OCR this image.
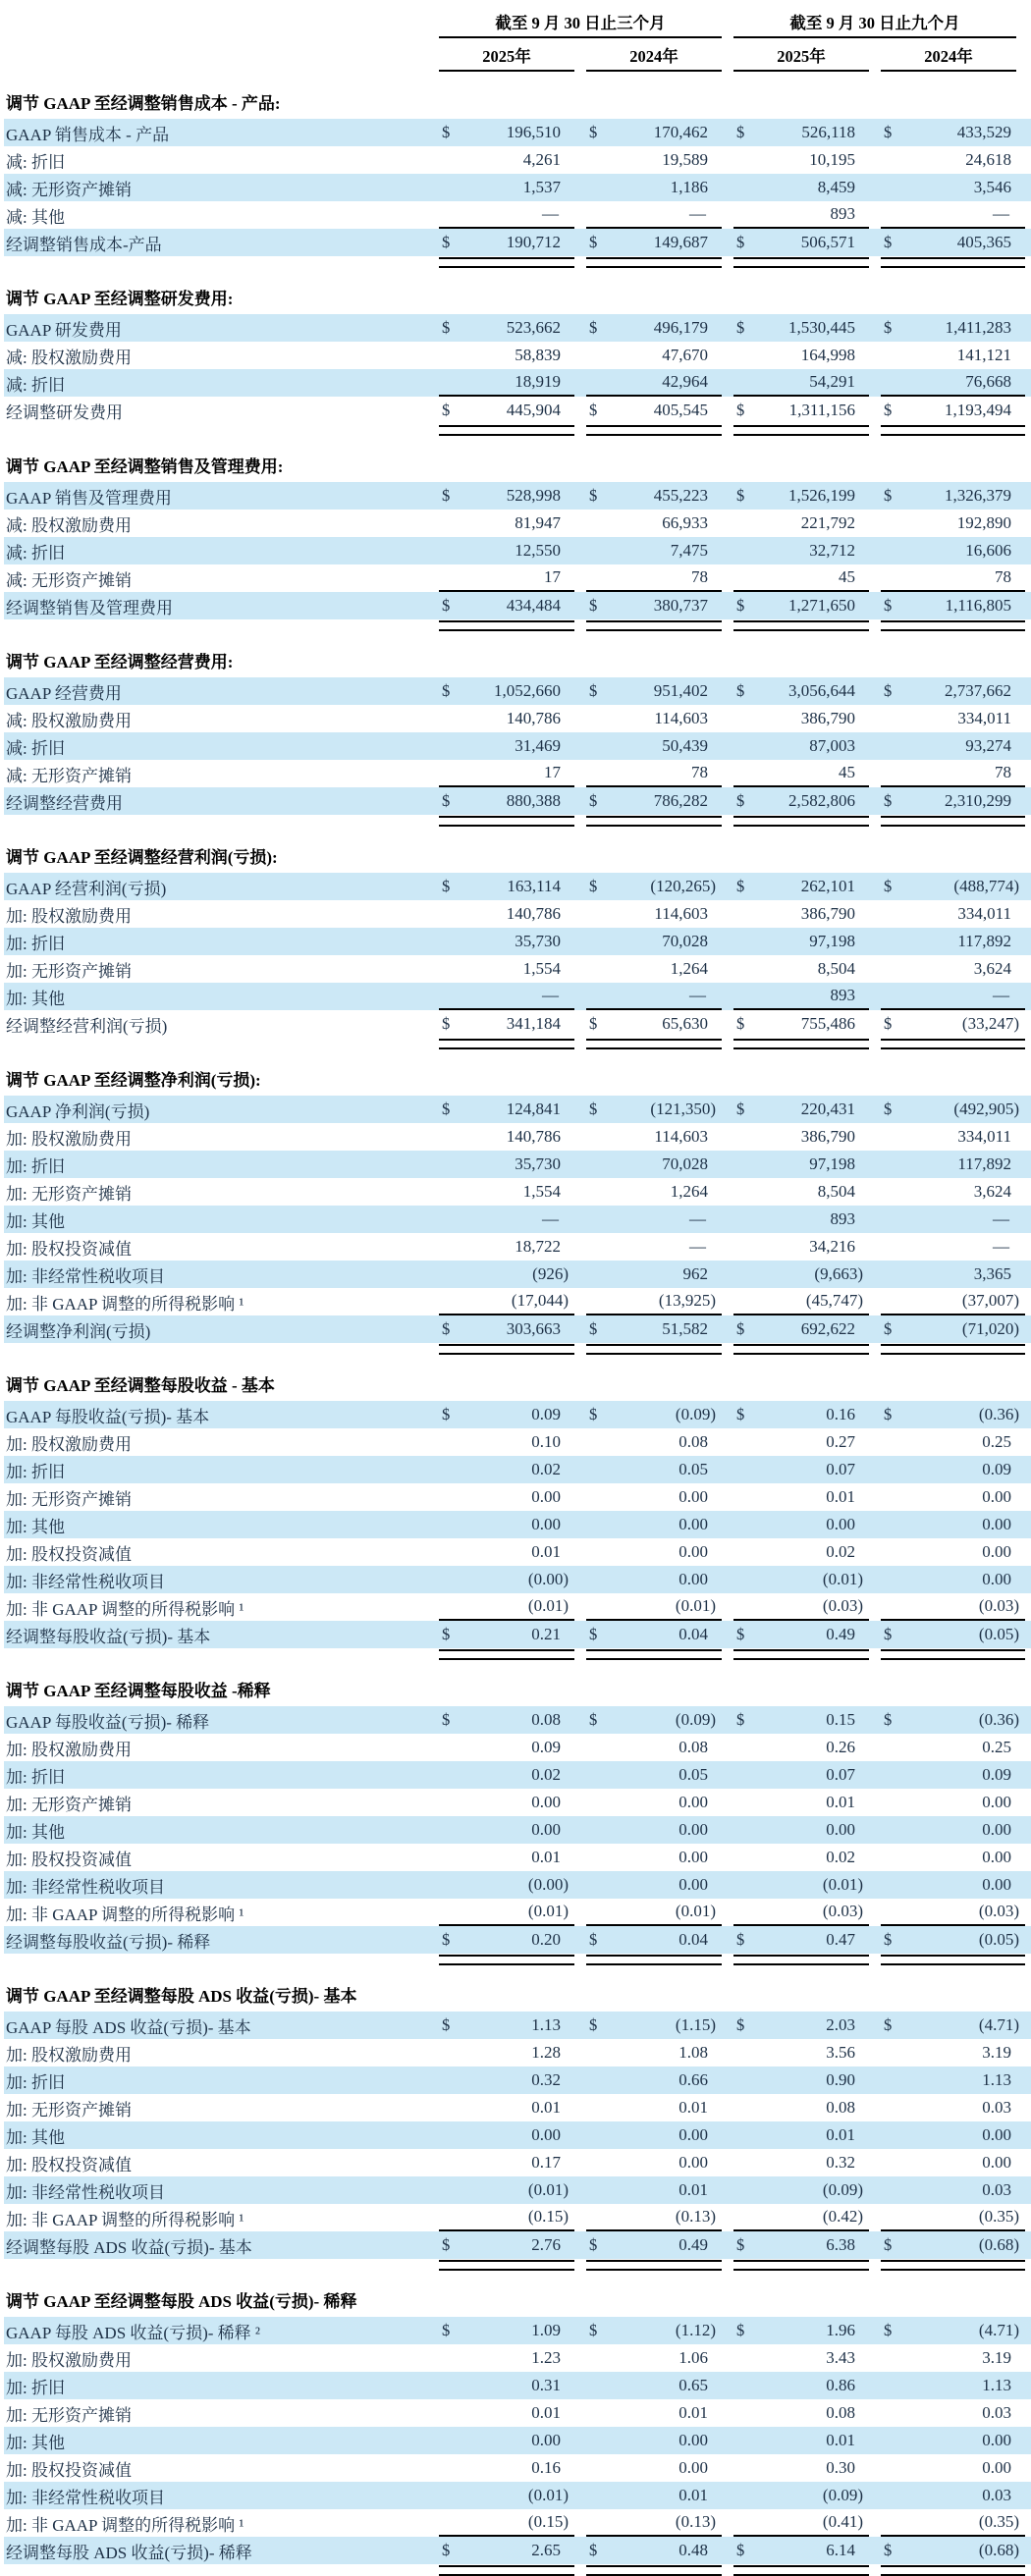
截至 9 月 30 日止三个月	截至 9 月 30 日止九个月
2025年	2024年	2025年	2024年
调节 GAAP 至经调整销售成本 - 产品:
GAAP 销售成本 - 产品	$	196,510	$	170,462	$	526,118	$	433,529
减: 折旧	4,261	19,589	10,195	24,618
减: 无形资产摊销	1,537	1,186	8,459	3,546
减: 其他	—	—	893	—
经调整销售成本-产品	$	190,712	$	149,687	$	506,571	$	405,365
调节 GAAP 至经调整研发费用:
GAAP 研发费用	$	523,662	$	496,179	$	1,530,445	$	1,411,283
减: 股权激励费用	58,839	47,670	164,998	141,121
减: 折旧	18,919	42,964	54,291	76,668
经调整研发费用	$	445,904	$	405,545	$	1,311,156	$	1,193,494
调节 GAAP 至经调整销售及管理费用:
GAAP 销售及管理费用	$	528,998	$	455,223	$	1,526,199	$	1,326,379
减: 股权激励费用	81,947	66,933	221,792	192,890
减: 折旧	12,550	7,475	32,712	16,606
减: 无形资产摊销	17	78	45	78
经调整销售及管理费用	$	434,484	$	380,737	$	1,271,650	$	1,116,805
调节 GAAP 至经调整经营费用:
GAAP 经营费用	$	1,052,660	$	951,402	$	3,056,644	$	2,737,662
减: 股权激励费用	140,786	114,603	386,790	334,011
减: 折旧	31,469	50,439	87,003	93,274
减: 无形资产摊销	17	78	45	78
经调整经营费用	$	880,388	$	786,282	$	2,582,806	$	2,310,299
调节 GAAP 至经调整经营利润(亏损):
GAAP 经营利润(亏损)	$	163,114	$	(120,265)	$	262,101	$	(488,774)
加: 股权激励费用	140,786	114,603	386,790	334,011
加: 折旧	35,730	70,028	97,198	117,892
加: 无形资产摊销	1,554	1,264	8,504	3,624
加: 其他	—	—	893	—
经调整经营利润(亏损)	$	341,184	$	65,630	$	755,486	$	(33,247)
调节 GAAP 至经调整净利润(亏损):
GAAP 净利润(亏损)	$	124,841	$	(121,350)	$	220,431	$	(492,905)
加: 股权激励费用	140,786	114,603	386,790	334,011
加: 折旧	35,730	70,028	97,198	117,892
加: 无形资产摊销	1,554	1,264	8,504	3,624
加: 其他	—	—	893	—
加: 股权投资减值	18,722	—	34,216	—
加: 非经常性税收项目	(926)	962	(9,663)	3,365
加: 非 GAAP 调整的所得税影响 ¹	(17,044)	(13,925)	(45,747)	(37,007)
经调整净利润(亏损)	$	303,663	$	51,582	$	692,622	$	(71,020)
调节 GAAP 至经调整每股收益 - 基本
GAAP 每股收益(亏损)- 基本	$	0.09	$	(0.09)	$	0.16	$	(0.36)
加: 股权激励费用	0.10	0.08	0.27	0.25
加: 折旧	0.02	0.05	0.07	0.09
加: 无形资产摊销	0.00	0.00	0.01	0.00
加: 其他	0.00	0.00	0.00	0.00
加: 股权投资减值	0.01	0.00	0.02	0.00
加: 非经常性税收项目	(0.00)	0.00	(0.01)	0.00
加: 非 GAAP 调整的所得税影响 ¹	(0.01)	(0.01)	(0.03)	(0.03)
经调整每股收益(亏损)- 基本	$	0.21	$	0.04	$	0.49	$	(0.05)
调节 GAAP 至经调整每股收益 -稀释
GAAP 每股收益(亏损)- 稀释	$	0.08	$	(0.09)	$	0.15	$	(0.36)
加: 股权激励费用	0.09	0.08	0.26	0.25
加: 折旧	0.02	0.05	0.07	0.09
加: 无形资产摊销	0.00	0.00	0.01	0.00
加: 其他	0.00	0.00	0.00	0.00
加: 股权投资减值	0.01	0.00	0.02	0.00
加: 非经常性税收项目	(0.00)	0.00	(0.01)	0.00
加: 非 GAAP 调整的所得税影响 ¹	(0.01)	(0.01)	(0.03)	(0.03)
经调整每股收益(亏损)- 稀释	$	0.20	$	0.04	$	0.47	$	(0.05)
调节 GAAP 至经调整每股 ADS 收益(亏损)- 基本
GAAP 每股 ADS 收益(亏损)- 基本	$	1.13	$	(1.15)	$	2.03	$	(4.71)
加: 股权激励费用	1.28	1.08	3.56	3.19
加: 折旧	0.32	0.66	0.90	1.13
加: 无形资产摊销	0.01	0.01	0.08	0.03
加: 其他	0.00	0.00	0.01	0.00
加: 股权投资减值	0.17	0.00	0.32	0.00
加: 非经常性税收项目	(0.01)	0.01	(0.09)	0.03
加: 非 GAAP 调整的所得税影响 ¹	(0.15)	(0.13)	(0.42)	(0.35)
经调整每股 ADS 收益(亏损)- 基本	$	2.76	$	0.49	$	6.38	$	(0.68)
调节 GAAP 至经调整每股 ADS 收益(亏损)- 稀释
GAAP 每股 ADS 收益(亏损)- 稀释 ²	$	1.09	$	(1.12)	$	1.96	$	(4.71)
加: 股权激励费用	1.23	1.06	3.43	3.19
加: 折旧	0.31	0.65	0.86	1.13
加: 无形资产摊销	0.01	0.01	0.08	0.03
加: 其他	0.00	0.00	0.01	0.00
加: 股权投资减值	0.16	0.00	0.30	0.00
加: 非经常性税收项目	(0.01)	0.01	(0.09)	0.03
加: 非 GAAP 调整的所得税影响 ¹	(0.15)	(0.13)	(0.41)	(0.35)
经调整每股 ADS 收益(亏损)- 稀释	$	2.65	$	0.48	$	6.14	$	(0.68)
